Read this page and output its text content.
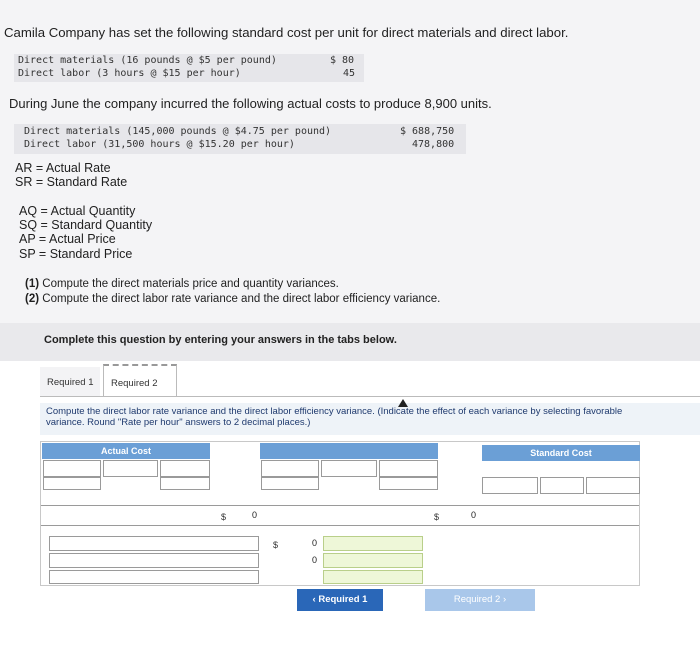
Camila Company has set the following standard cost per unit for direct materials and direct labor.
Direct materials (16 pounds @ $5 per pound)	$ 80
Direct labor (3 hours @ $15 per hour)	45
During June the company incurred the following actual costs to produce 8,900 units.
Direct materials (145,000 pounds @ $4.75 per pound)	$ 688,750
Direct labor (31,500 hours @ $15.20 per hour)	478,800

AR = Actual Rate

SR = Standard Rate

AQ = Actual Quantity

SQ = Standard Quantity

AP = Actual Price

SP = Standard Price

(1) Compute the direct materials price and quantity variances.

(2) Compute the direct labor rate variance and the direct labor efficiency variance.

Complete this question by entering your answers in the tabs below.
Required 1	Required 2
Compute the direct labor rate variance and the direct labor efficiency variance. (Indicate the effect of each variance by selecting favorable
variance. Round "Rate per hour" answers to 2 decimal places.)
Actual Cost	Standard Cost
$	0	$	0
$	0
0
‹ Required 1	Required 2 ›
